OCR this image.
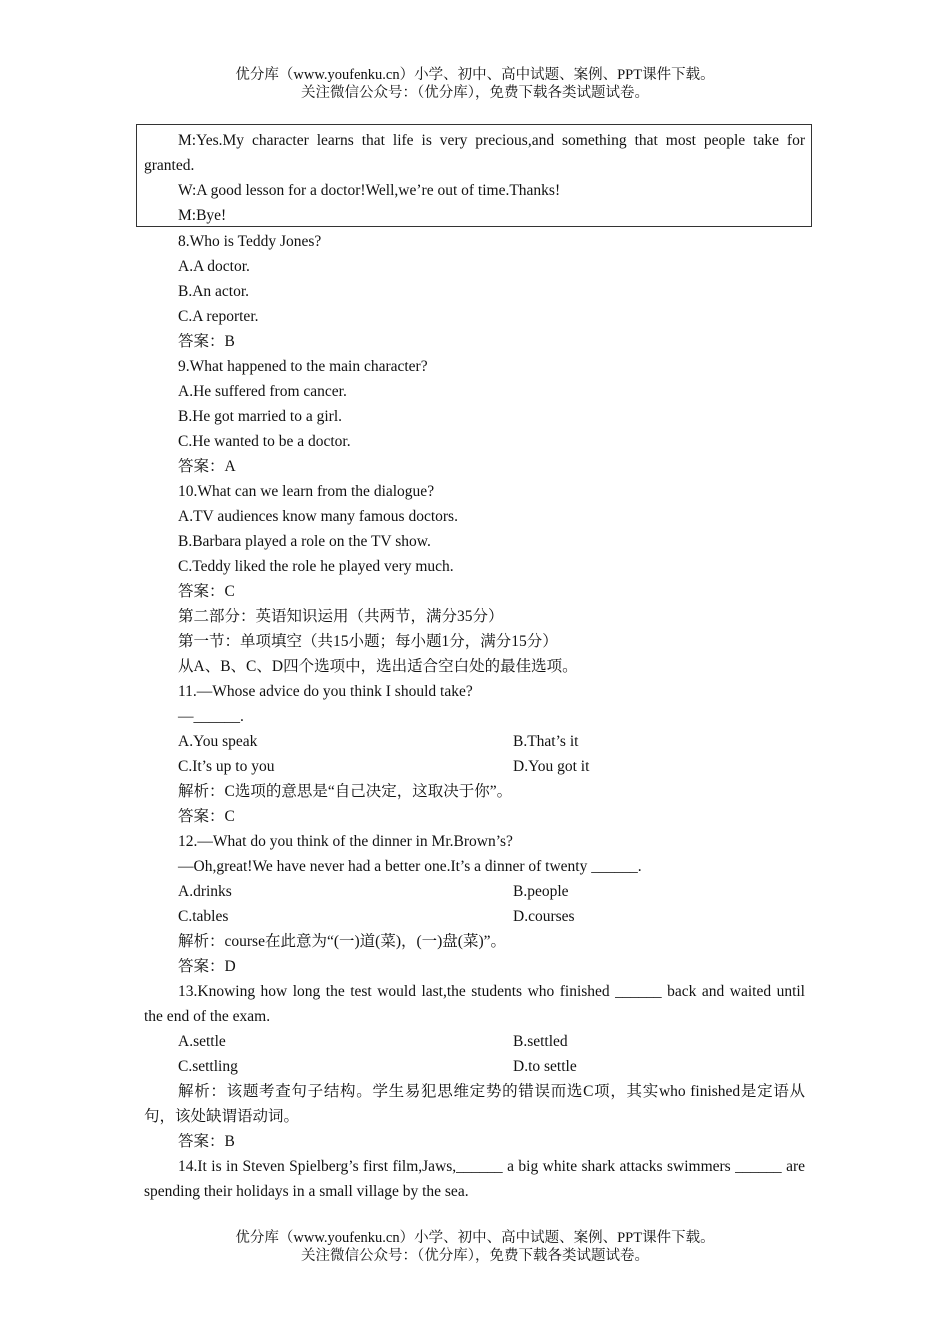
优分库（www.youfenku.cn）小学、初中、高中试题、案例、PPT课件下载。
关注微信公众号：（优分库），免费下载各类试题试卷。

M:Yes.My character learns that life is very precious,and something that most people take for granted.

W:A good lesson for a doctor!Well,we’re out of time.Thanks!

M:Bye!

8.Who is Teddy Jones?

A.A doctor.

B.An actor.

C.A reporter.

答案：B

9.What happened to the main character?

A.He suffered from cancer.

B.He got married to a girl.

C.He wanted to be a doctor.

答案：A

10.What can we learn from the dialogue?

A.TV audiences know many famous doctors.

B.Barbara played a role on the TV show.

C.Teddy liked the role he played very much.

答案：C

第二部分：英语知识运用（共两节，满分35分）

第一节：单项填空（共15小题；每小题1分，满分15分）

从A、B、C、D四个选项中，选出适合空白处的最佳选项。

11.—Whose advice do you think I should take?

—______.

A.You speak	B.That’s it
C.It’s up to you	D.You got it

解析：C选项的意思是“自己决定，这取决于你”。

答案：C

12.—What do you think of the dinner in Mr.Brown’s?

—Oh,great!We have never had a better one.It’s a dinner of twenty ______.

A.drinks	B.people
C.tables	D.courses

解析：course在此意为“(一)道(菜)，(一)盘(菜)”。

答案：D

13.Knowing how long the test would last,the students who finished ______ back and waited until the end of the exam.

A.settle	B.settled
C.settling	D.to settle

解析：该题考查句子结构。学生易犯思维定势的错误而选C项，其实who finished是定语从句，该处缺谓语动词。

答案：B

14.It is in Steven Spielberg’s first film,Jaws,______ a big white shark attacks swimmers ______ are spending their holidays in a small village by the sea.

优分库（www.youfenku.cn）小学、初中、高中试题、案例、PPT课件下载。
关注微信公众号：（优分库），免费下载各类试题试卷。
